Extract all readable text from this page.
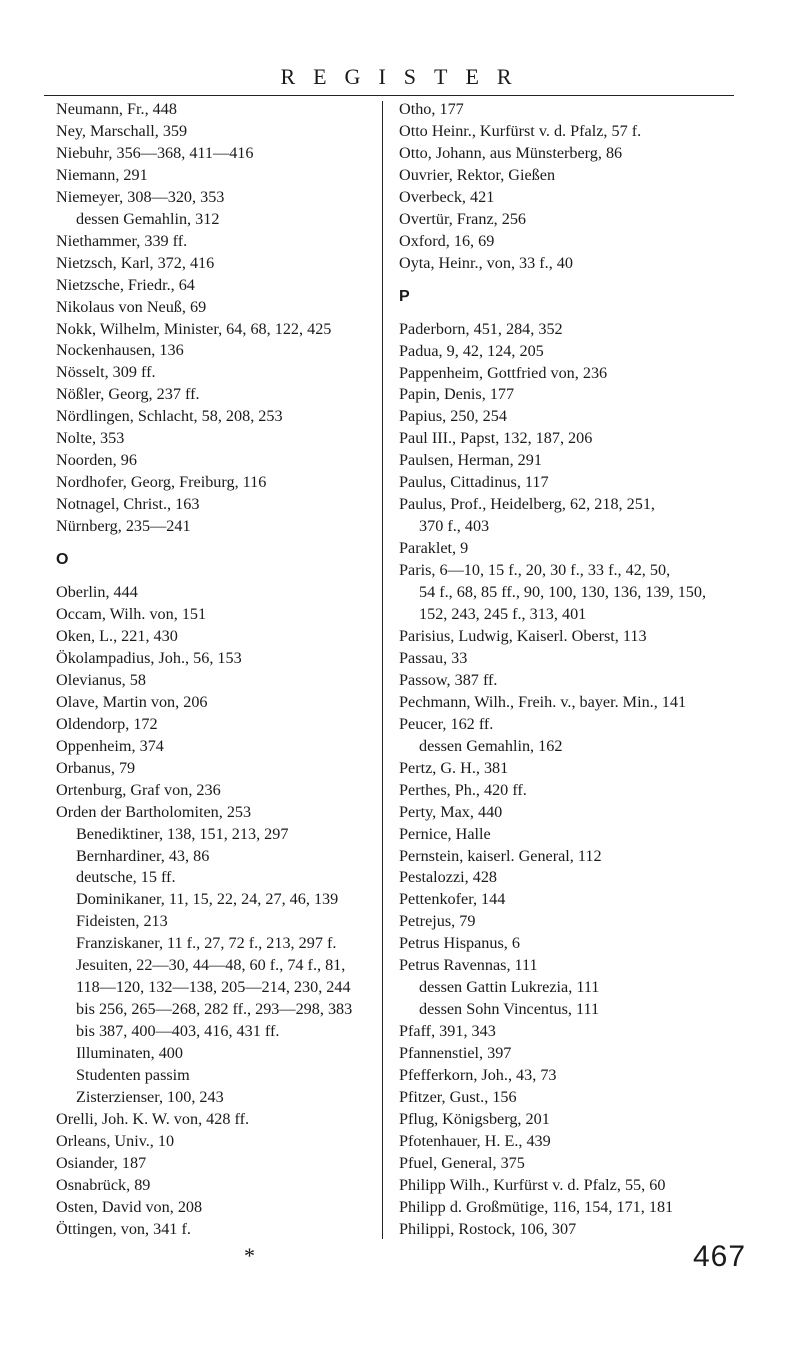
REGISTER
Neumann, Fr., 448
Ney, Marschall, 359
Niebuhr, 356—368, 411—416
Niemann, 291
Niemeyer, 308—320, 353
dessen Gemahlin, 312
Niethammer, 339 ff.
Nietzsch, Karl, 372, 416
Nietzsche, Friedr., 64
Nikolaus von Neuß, 69
Nokk, Wilhelm, Minister, 64, 68, 122, 425
Nockenhausen, 136
Nösselt, 309 ff.
Nößler, Georg, 237 ff.
Nördlingen, Schlacht, 58, 208, 253
Nolte, 353
Noorden, 96
Nordhofer, Georg, Freiburg, 116
Notnagel, Christ., 163
Nürnberg, 235—241
O
Oberlin, 444
Occam, Wilh. von, 151
Oken, L., 221, 430
Ökolampadius, Joh., 56, 153
Olevianus, 58
Olave, Martin von, 206
Oldendorp, 172
Oppenheim, 374
Orbanus, 79
Ortenburg, Graf von, 236
Orden der Bartholomiten, 253
Benediktiner, 138, 151, 213, 297
Bernhardiner, 43, 86
deutsche, 15 ff.
Dominikaner, 11, 15, 22, 24, 27, 46, 139
Fideisten, 213
Franziskaner, 11 f., 27, 72 f., 213, 297 f.
Jesuiten, 22—30, 44—48, 60 f., 74 f., 81,
118—120, 132—138, 205—214, 230, 244
bis 256, 265—268, 282 ff., 293—298, 383
bis 387, 400—403, 416, 431 ff.
Illuminaten, 400
Studenten passim
Zisterzienser, 100, 243
Orelli, Joh. K. W. von, 428 ff.
Orleans, Univ., 10
Osiander, 187
Osnabrück, 89
Osten, David von, 208
Öttingen, von, 341 f.
Otho, 177
Otto Heinr., Kurfürst v. d. Pfalz, 57 f.
Otto, Johann, aus Münsterberg, 86
Ouvrier, Rektor, Gießen
Overbeck, 421
Overtür, Franz, 256
Oxford, 16, 69
Oyta, Heinr., von, 33 f., 40
P
Paderborn, 451, 284, 352
Padua, 9, 42, 124, 205
Pappenheim, Gottfried von, 236
Papin, Denis, 177
Papius, 250, 254
Paul III., Papst, 132, 187, 206
Paulsen, Herman, 291
Paulus, Cittadinus, 117
Paulus, Prof., Heidelberg, 62, 218, 251,
370 f., 403
Paraklet, 9
Paris, 6—10, 15 f., 20, 30 f., 33 f., 42, 50,
54 f., 68, 85 ff., 90, 100, 130, 136, 139, 150,
152, 243, 245 f., 313, 401
Parisius, Ludwig, Kaiserl. Oberst, 113
Passau, 33
Passow, 387 ff.
Pechmann, Wilh., Freih. v., bayer. Min., 141
Peucer, 162 ff.
dessen Gemahlin, 162
Pertz, G. H., 381
Perthes, Ph., 420 ff.
Perty, Max, 440
Pernice, Halle
Pernstein, kaiserl. General, 112
Pestalozzi, 428
Pettenkofer, 144
Petrejus, 79
Petrus Hispanus, 6
Petrus Ravennas, 111
dessen Gattin Lukrezia, 111
dessen Sohn Vincentus, 111
Pfaff, 391, 343
Pfannenstiel, 397
Pfefferkorn, Joh., 43, 73
Pfitzer, Gust., 156
Pflug, Königsberg, 201
Pfotenhauer, H. E., 439
Pfuel, General, 375
Philipp Wilh., Kurfürst v. d. Pfalz, 55, 60
Philipp d. Großmütige, 116, 154, 171, 181
Philippi, Rostock, 106, 307
*	467
